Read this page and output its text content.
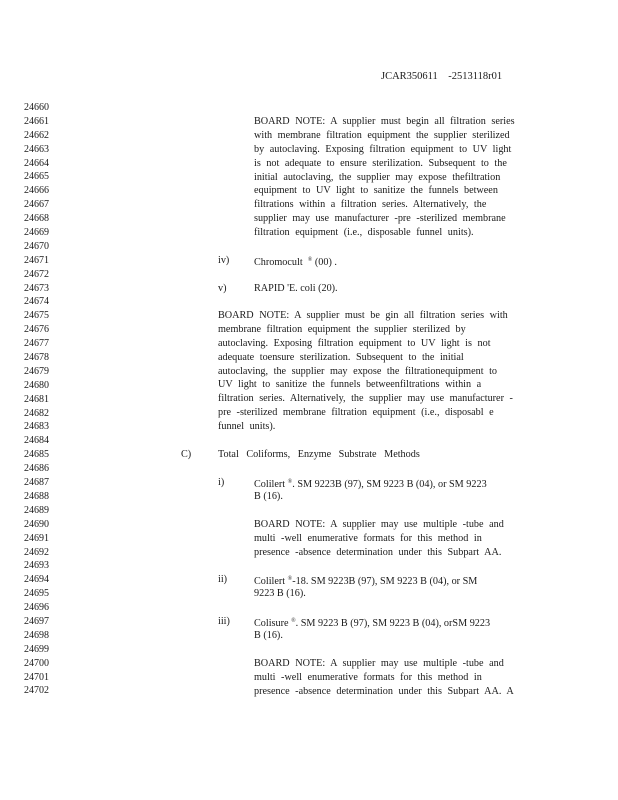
JCAR350611 -2513118r01
24660
24661
24662
24663
24664
24665
24666
24667
24668
24669
24670
24671
24672
24673
24674
24675
24676
24677
24678
24679
24680
24681
24682
24683
24684
24685
24686
24687
24688
24689
24690
24691
24692
24693
24694
24695
24696
24697
24698
24699
24700
24701
24702
BOARD NOTE: A supplier must begin all filtration series
with membrane filtration equipment the supplier sterilized
by autoclaving. Exposing filtration equipment to UV light
is not adequate to ensure sterilization. Subsequent to the
initial autoclaving, the supplier may expose thefiltration
equipment to UV light to sanitize the funnels between
filtrations within a filtration series. Alternatively, the
supplier may use manufacturer -pre -sterilized membrane
filtration equipment (i.e., disposable funnel units).
iv) Chromocult ® (00) .
v)	RAPID 'E. coli (20).
BOARD NOTE: A supplier must be gin all filtration series with
membrane filtration equipment the supplier sterilized by
autoclaving. Exposing filtration equipment to UV light is not
adequate toensure sterilization. Subsequent to the initial
autoclaving, the supplier may expose the filtrationequipment to
UV light to sanitize the funnels betweenfiltrations within a
filtration series. Alternatively, the supplier may use manufacturer -
pre -sterilized membrane filtration equipment (i.e., disposabl e
funnel units).
C)	Total Coliforms, Enzyme Substrate Methods
i)	Colilert ®. SM 9223B (97), SM 9223 B (04), or SM 9223
B (16).
BOARD NOTE: A supplier may use multiple -tube and
multi -well enumerative formats for this method in
presence -absence determination under this Subpart AA.
ii)	Colilert ®-18. SM 9223B (97), SM 9223 B (04), or SM
9223 B (16).
iii) Colisure ®. SM 9223 B (97), SM 9223 B (04), orSM 9223
B (16).
BOARD NOTE: A supplier may use multiple -tube and
multi -well enumerative formats for this method in
presence -absence determination under this Subpart AA. A
